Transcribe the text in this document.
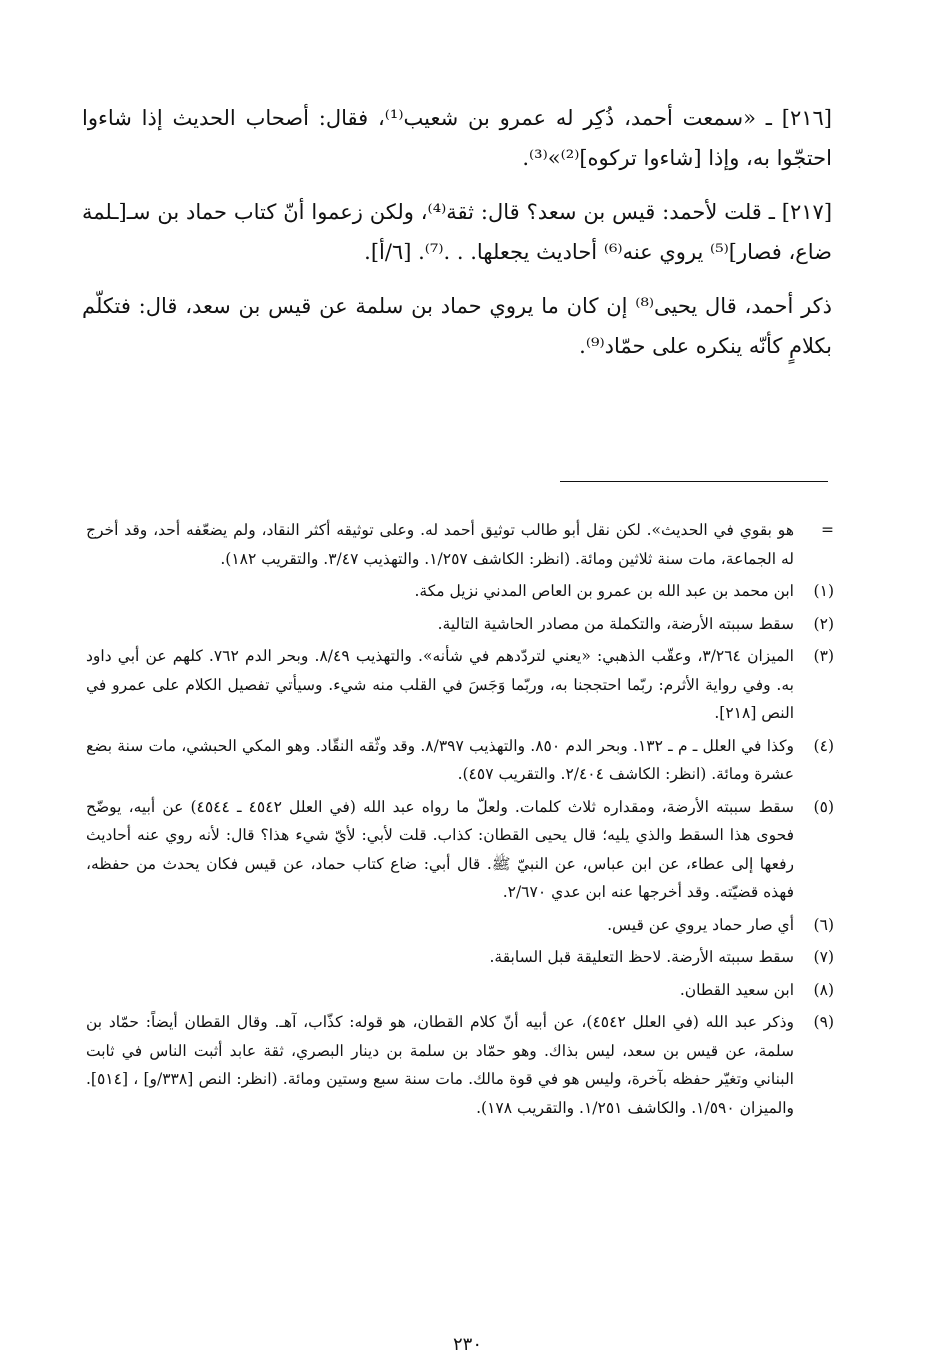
[٢١٦] ـ «سمعت أحمد، ذُكِر له عمرو بن شعيب⁽¹⁾، فقال: أصحاب الحديث إذا شاءوا احتجّوا به، وإذا [شاءوا تركوه]⁽²⁾»⁽³⁾.

[٢١٧] ـ قلت لأحمد: قيس بن سعد؟ قال: ثقة⁽⁴⁾، ولكن زعموا أنّ كتاب حماد بن سـ[ـلمة ضاع، فصار]⁽⁵⁾ يروي عنه⁽⁶⁾ أحاديث يجعلها. . .⁽⁷⁾. [٦/أ].

ذكر أحمد، قال يحيى⁽⁸⁾ إن كان ما يروي حماد بن سلمة عن قيس بن سعد، قال: فتكلّم بكلامٍ كأنّه ينكره على حمّاد⁽⁹⁾.

=
هو بقوي في الحديث». لكن نقل أبو طالب توثيق أحمد له. وعلى توثيقه أكثر النقاد، ولم يضعّفه أحد، وقد أخرج له الجماعة، مات سنة ثلاثين ومائة. (انظر: الكاشف ١/٢٥٧. والتهذيب ٣/٤٧. والتقريب ١٨٢).
(١)
ابن محمد بن عبد الله بن عمرو بن العاص المدني نزيل مكة.
(٢)
سقط سببته الأرضة، والتكملة من مصادر الحاشية التالية.
(٣)
الميزان ٣/٢٦٤، وعقّب الذهبي: «يعني لتردّدهم في شأنه». والتهذيب ٨/٤٩. وبحر الدم ٧٦٢. كلهم عن أبي داود به. وفي رواية الأثرم: ربّما احتججنا به، وربّما وَجَسَ في القلب منه شيء. وسيأتي تفصيل الكلام على عمرو في النص [٢١٨].
(٤)
وكذا في العلل ـ م ـ ١٣٢. وبحر الدم ٨٥٠. والتهذيب ٨/٣٩٧. وقد وثّقه النقّاد. وهو المكي الحبشي، مات سنة بضع عشرة ومائة. (انظر: الكاشف ٢/٤٠٤. والتقريب ٤٥٧).
(٥)
سقط سببته الأرضة، ومقداره ثلاث كلمات. ولعلّ ما رواه عبد الله (في العلل ٤٥٤٢ ـ ٤٥٤٤) عن أبيه، يوضّح فحوى هذا السقط والذي يليه؛ قال يحيى القطان: كذاب. قلت لأبي: لأيّ شيء هذا؟ قال: لأنه روي عنه أحاديث رفعها إلى عطاء، عن ابن عباس، عن النبيّ ﷺ. قال أبي: ضاع كتاب حماد، عن قيس فكان يحدث من حفظه، فهذه قضيّته. وقد أخرجها عنه ابن عدي ٢/٦٧٠.
(٦)
أي صار حماد يروي عن قيس.
(٧)
سقط سببته الأرضة. لاحظ التعليقة قبل السابقة.
(٨)
ابن سعيد القطان.
(٩)
وذكر عبد الله (في العلل ٤٥٤٢)، عن أبيه أنّ كلام القطان، هو قوله: كذّاب، آهـ. وقال القطان أيضاً: حمّاد بن سلمة، عن قيس بن سعد، ليس بذاك. وهو حمّاد بن سلمة بن دينار البصري، ثقة عابد أثبت الناس في ثابت البناني وتغيّر حفظه بآخرة، وليس هو في قوة مالك. مات سنة سبع وستين ومائة. (انظر: النص [٣٣٨/و] ، [٥١٤]. والميزان ١/٥٩٠. والكاشف ١/٢٥١. والتقريب ١٧٨).
٢٣٠
